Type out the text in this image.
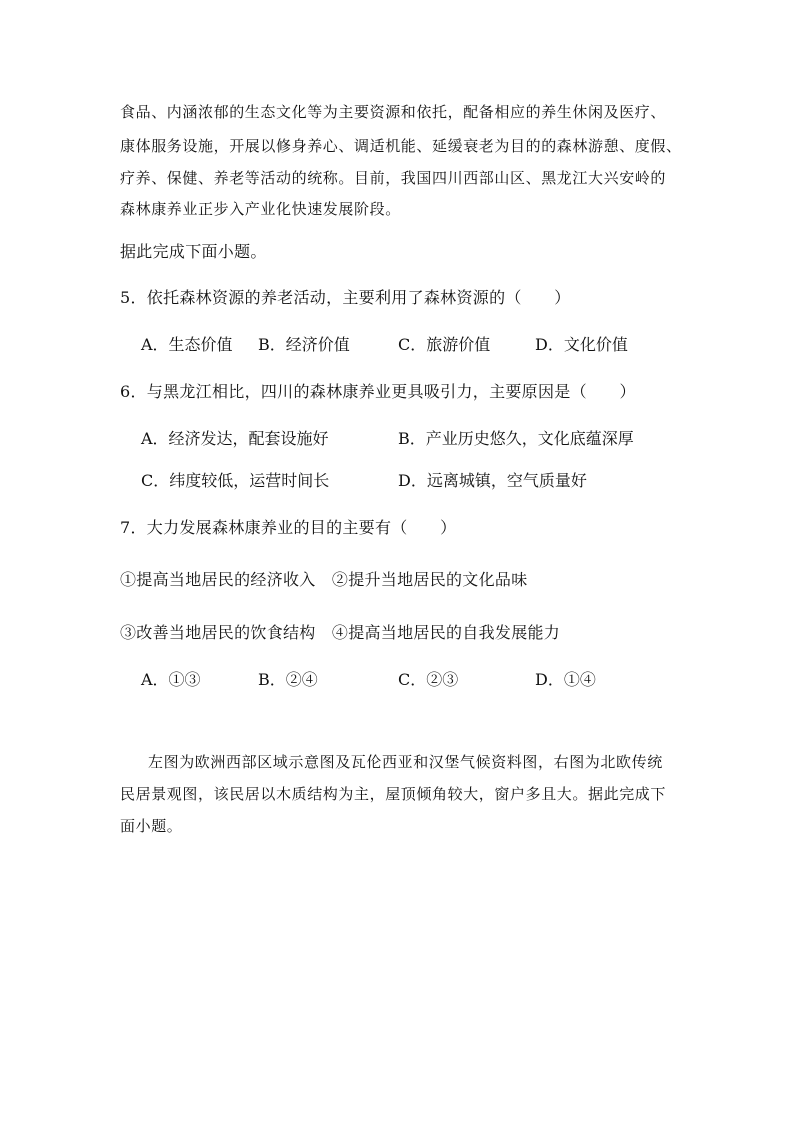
食品、内涵浓郁的生态文化等为主要资源和依托，配备相应的养生休闲及医疗、
康体服务设施，开展以修身养心、调适机能、延缓衰老为目的的森林游憩、度假、
疗养、保健、养老等活动的统称。目前，我国四川西部山区、黑龙江大兴安岭的
森林康养业正步入产业化快速发展阶段。
据此完成下面小题。
5．依托森林资源的养老活动，主要利用了森林资源的（　　）
A．生态价值 B．经济价值	C．旅游价值	D．文化价值
6．与黑龙江相比，四川的森林康养业更具吸引力，主要原因是（　　）
A．经济发达，配套设施好	B．产业历史悠久，文化底蕴深厚
C．纬度较低，运营时间长	D．远离城镇，空气质量好
7．大力发展森林康养业的目的主要有（　　）
①提高当地居民的经济收入　②提升当地居民的文化品味
③改善当地居民的饮食结构　④提高当地居民的自我发展能力
A．①③	B．②④	C．②③	D．①④
左图为欧洲西部区域示意图及瓦伦西亚和汉堡气候资料图，右图为北欧传统
民居景观图，该民居以木质结构为主，屋顶倾角较大，窗户多且大。据此完成下
面小题。
